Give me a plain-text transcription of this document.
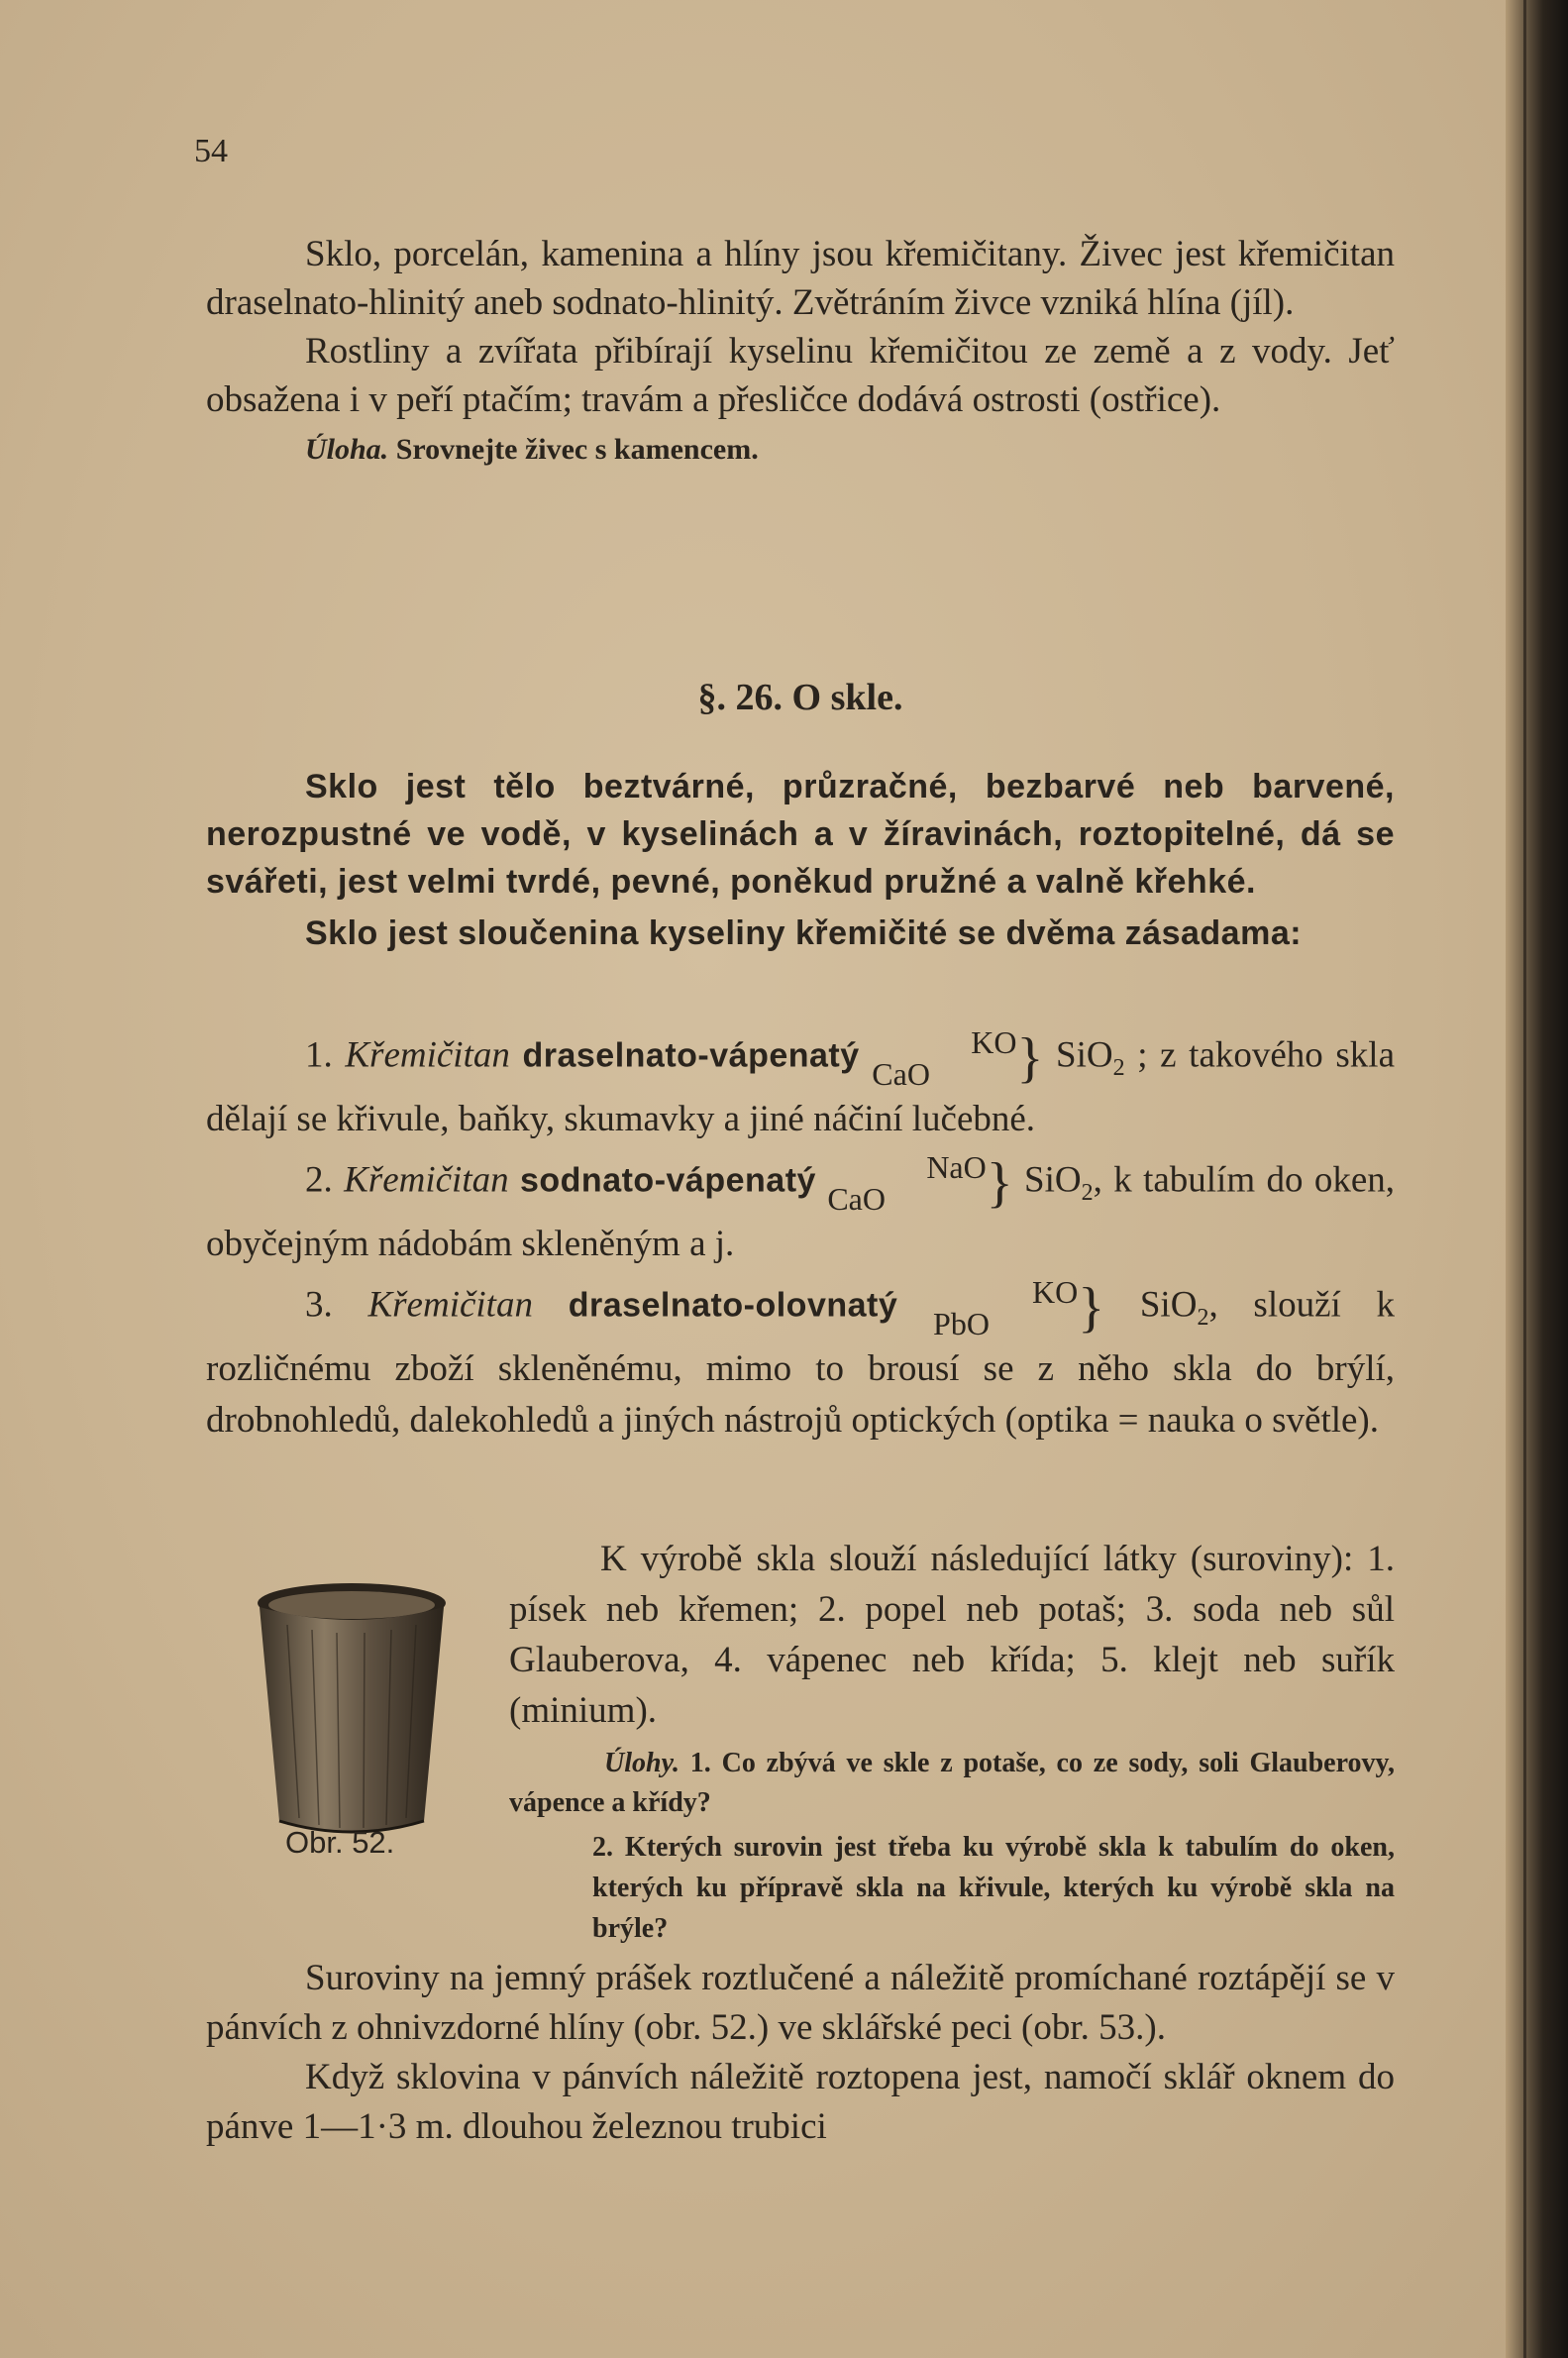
54
Sklo, porcelán, kamenina a hlíny jsou křemičitany. Živec jest křemičitan draselnato-hlinitý aneb sodnato-hlinitý. Zvětráním živce vzniká hlína (jíl).
Rostliny a zvířata přibírají kyselinu křemičitou ze země a z vody. Jeť obsažena i v peří ptačím; travám a přesličce dodává ostrosti (ostřice).
Úloha. Srovnejte živec s kamencem.
§. 26. O skle.
Sklo jest tělo beztvárné, průzračné, bezbarvé neb barvené, nerozpustné ve vodě, v kyselinách a v žíravinách, roztopitelné, dá se svářeti, jest velmi tvrdé, pevné, poněkud pružné a valně křehké.
Sklo jest sloučenina kyseliny křemičité se dvěma zásadama:
1. Křemičitan draselnato-vápenatý	KO
CaO } SiO$_2$ ; z takového skla dělají se křivule, baňky, skumavky a jiné náčiní lučebné.
2. Křemičitan sodnato-vápenatý	NaO
CaO } SiO$_2$, k tabulím do oken, obyčejným nádobám skleněným a j.
3. Křemičitan draselnato-olovnatý	KO
PbO } SiO$_2$, slouží k rozličnému zboží skleněnému, mimo to brousí se z něho skla do brýlí, drobnohledů, dalekohledů a jiných nástrojů optických (optika = nauka o světle).
Obr. 52.
K výrobě skla slouží následující látky (suroviny): 1. písek neb křemen; 2. popel neb potaš; 3. soda neb sůl Glauberova, 4. vápenec neb křída; 5. klejt neb suřík (minium).
Úlohy. 1. Co zbývá ve skle z potaše, co ze sody, soli Glauberovy, vápence a křídy?
2. Kterých surovin jest třeba ku výrobě skla k tabulím do oken, kterých ku přípravě skla na křivule, kterých ku výrobě skla na brýle?
Suroviny na jemný prášek roztlučené a náležitě promíchané roztápějí se v pánvích z ohnivzdorné hlíny (obr. 52.) ve sklářské peci (obr. 53.).
Když sklovina v pánvích náležitě roztopena jest, namočí sklář oknem do pánve 1—1·3 m. dlouhou železnou trubici
